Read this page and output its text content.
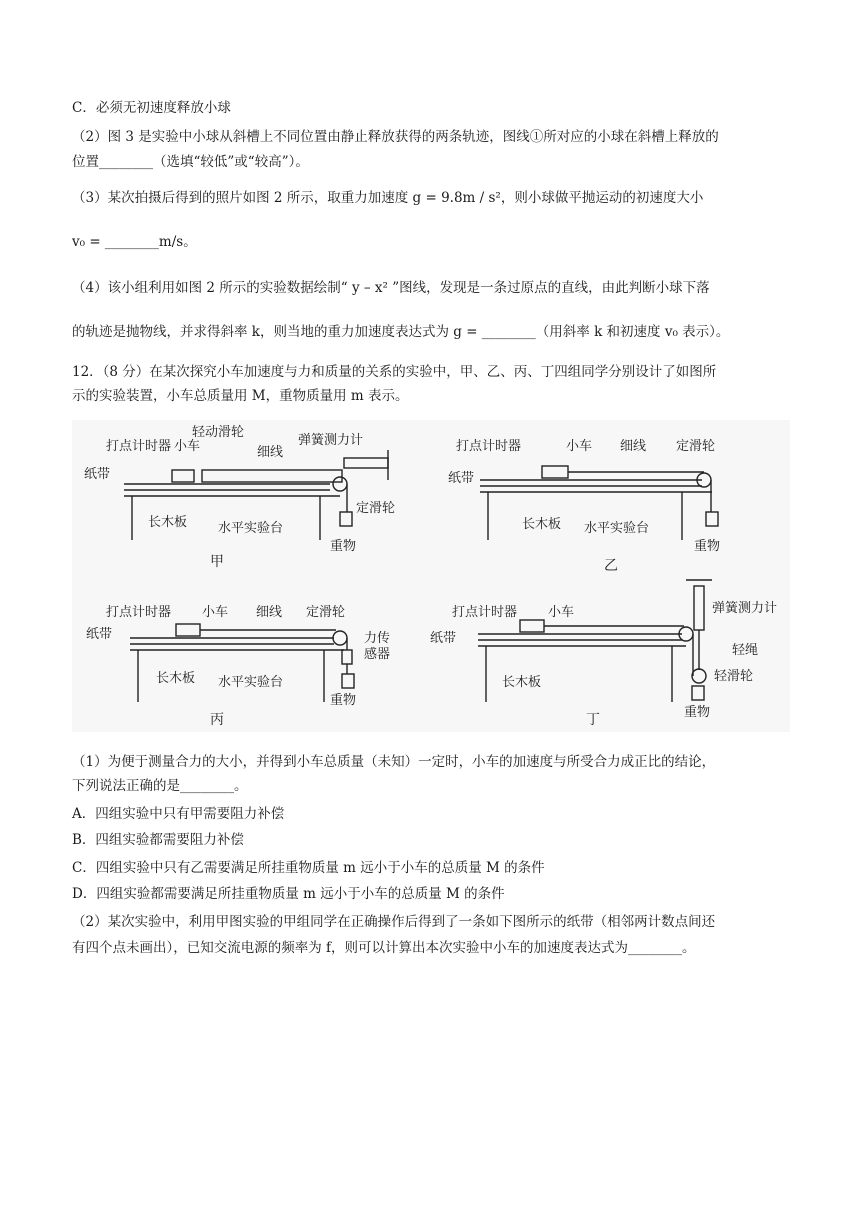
C．必须无初速度释放小球
（2）图 3 是实验中小球从斜槽上不同位置由静止释放获得的两条轨迹，图线①所对应的小球在斜槽上释放的
位置________（选填“较低”或“较高”）。
（3）某次拍摄后得到的照片如图 2 所示，取重力加速度 g = 9.8m / s²，则小球做平抛运动的初速度大小
v₀ = ________m/s。
（4）该小组利用如图 2 所示的实验数据绘制“ y – x² ”图线，发现是一条过原点的直线，由此判断小球下落
的轨迹是抛物线，并求得斜率 k，则当地的重力加速度表达式为 g = ________（用斜率 k 和初速度 v₀ 表示）。
12．（8 分）在某次探究小车加速度与力和质量的关系的实验中，甲、乙、丙、丁四组同学分别设计了如图所
示的实验装置，小车总质量用 M，重物质量用 m 表示。
打点计时器 小车
轻动滑轮
细线
弹簧测力计
纸带
定滑轮
长木板 水平实验台
重物
甲
打点计时器	小车 细线 定滑轮
纸带
长木板 水平实验台
重物
乙
打点计时器 小车 细线 定滑轮
纸带	力传
感器
长木板 水平实验台
重物
丙
打点计时器 小车	弹簧测力计
纸带
轻绳
轻滑轮
长木板
重物
丁
（1）为便于测量合力的大小，并得到小车总质量（未知）一定时，小车的加速度与所受合力成正比的结论，
下列说法正确的是________。
A．四组实验中只有甲需要阻力补偿
B．四组实验都需要阻力补偿
C．四组实验中只有乙需要满足所挂重物质量 m 远小于小车的总质量 M 的条件
D．四组实验都需要满足所挂重物质量 m 远小于小车的总质量 M 的条件
（2）某次实验中，利用甲图实验的甲组同学在正确操作后得到了一条如下图所示的纸带（相邻两计数点间还
有四个点未画出），已知交流电源的频率为 f，则可以计算出本次实验中小车的加速度表达式为________。
